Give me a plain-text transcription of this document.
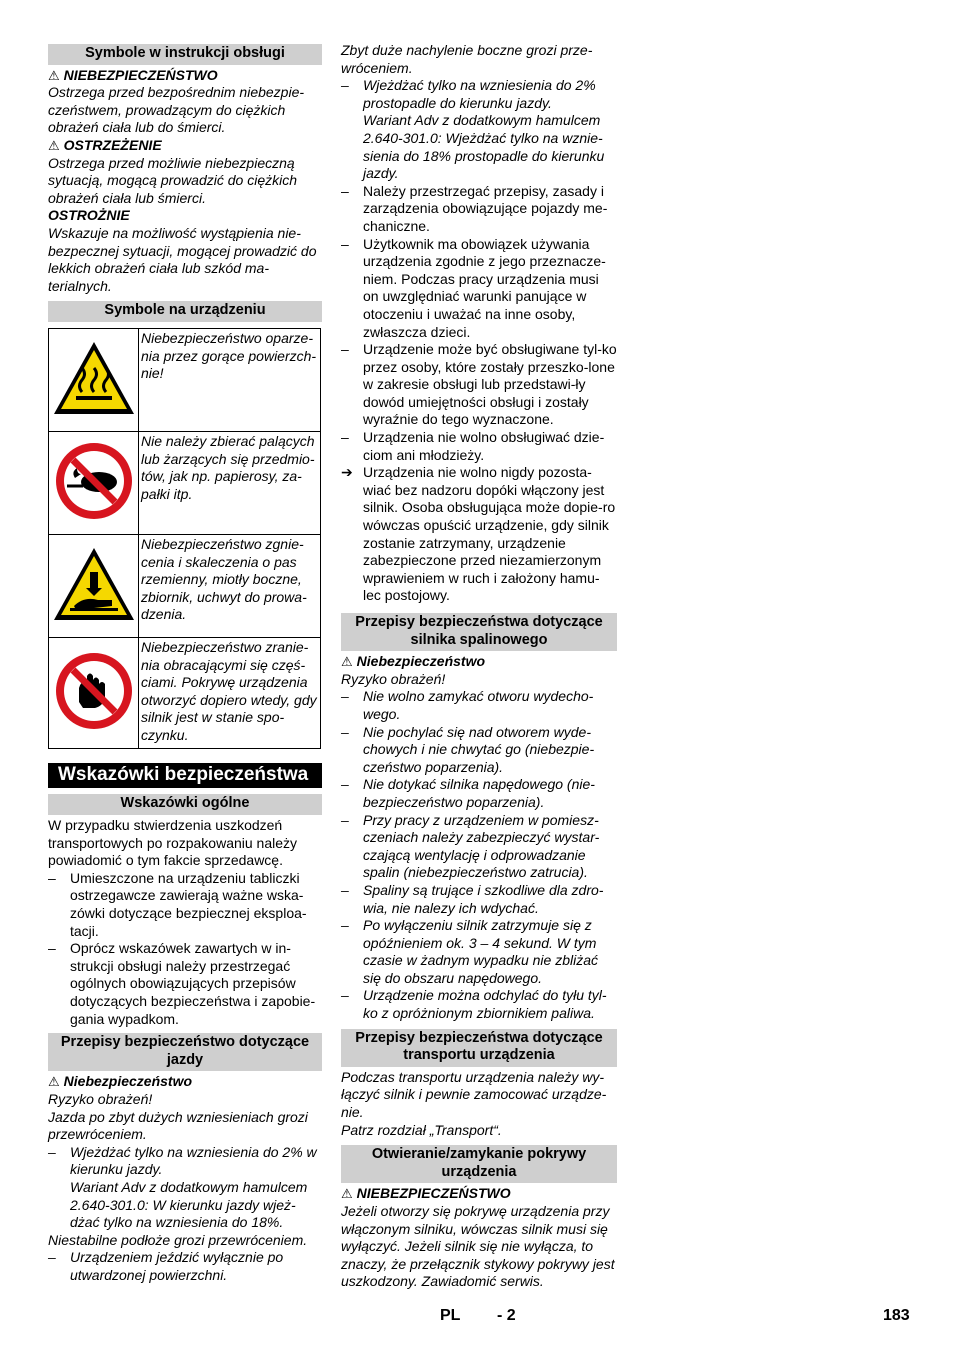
Symbole w instrukcji obsługi

⚠ NIEBEZPIECZEŃSTWO

Ostrzega przed bezpośrednim niebezpie-czeństwem, prowadzącym do ciężkich obrażeń ciała lub do śmierci.

⚠ OSTRZEŻENIE

Ostrzega przed możliwie niebezpieczną sytuacją, mogącą prowadzić do ciężkich obrażeń ciała lub śmierci.

OSTROŻNIE

Wskazuje na możliwość wystąpienia nie-bezpecznej sytuacji, mogącej prowadzić do lekkich obrażeń ciała lub szkód ma-terialnych.

Symbole na urządzeniu
	Niebezpieczeństwo oparze-nia przez gorące powierzch-nie!
	Nie należy zbierać palących lub żarzących się przedmio-tów, jak np. papierosy, za-pałki itp.
	Niebezpieczeństwo zgnie-cenia i skaleczenia o pas rzemienny, miotły boczne, zbiornik, uchwyt do prowa-dzenia.
	Niebezpieczeństwo zranie-nia obracającymi się częś-ciami. Pokrywę urządzenia otworzyć dopiero wtedy, gdy silnik jest w stanie spo-czynku.
Wskazówki bezpieczeństwa
Wskazówki ogólne

W przypadku stwierdzenia uszkodzeń transportowych po rozpakowaniu należy powiadomić o tym fakcie sprzedawcę.

– Umieszczone na urządzeniu tabliczki ostrzegawcze zawierają ważne wska-zówki dotyczące bezpiecznej eksploa-tacji.
– Oprócz wskazówek zawartych w in-strukcji obsługi należy przestrzegać ogólnych obowiązujących przepisów dotyczących bezpieczeństwa i zapobie-gania wypadkom.
Przepisy bezpieczeństwo dotyczące jazdy

⚠ Niebezpieczeństwo

Ryzyko obrażeń!

Jazda po zbyt dużych wzniesieniach grozi przewróceniem.

– Wjeżdżać tylko na wzniesienia do 2% w kierunku jazdy.
Wariant Adv z dodatkowym hamulcem 2.640-301.0: W kierunku jazdy wjeż-dżać tylko na wzniesienia do 18%.

Niestabilne podłoże grozi przewróceniem.

– Urządzeniem jeździć wyłącznie po utwardzonej powierzchni.

Zbyt duże nachylenie boczne grozi prze-wróceniem.

– Wjeżdżać tylko na wzniesienia do 2% prostopadle do kierunku jazdy.
Wariant Adv z dodatkowym hamulcem 2.640-301.0: Wjeżdżać tylko na wznie-sienia do 18% prostopadle do kierunku jazdy.
– Należy przestrzegać przepisy, zasady i zarządzenia obowiązujące pojazdy me-chaniczne.
– Użytkownik ma obowiązek używania urządzenia zgodnie z jego przeznacze-niem. Podczas pracy urządzenia musi on uwzględniać warunki panujące w otoczeniu i uważać na inne osoby, zwłaszcza dzieci.
– Urządzenie może być obsługiwane tyl-ko przez osoby, które zostały przeszko-lone w zakresie obsługi lub przedstawi-ły dowód umiejętności obsługi i zostały wyraźnie do tego wyznaczone.
– Urządzenia nie wolno obsługiwać dzie-ciom ani młodzieży.
➔ Urządzenia nie wolno nigdy pozosta-wiać bez nadzoru dopóki włączony jest silnik. Osoba obsługująca może dopie-ro wówczas opuścić urządzenie, gdy silnik zostanie zatrzymany, urządzenie zabezpieczone przed niezamierzonym wprawieniem w ruch i założony hamu-lec postojowy.
Przepisy bezpieczeństwa dotyczące silnika spalinowego

⚠ Niebezpieczeństwo

Ryzyko obrażeń!

– Nie wolno zamykać otworu wydecho-wego.
– Nie pochylać się nad otworem wyde-chowych i nie chwytać go (niebezpie-czeństwo poparzenia).
– Nie dotykać silnika napędowego (nie-bezpieczeństwo poparzenia).
– Przy pracy z urządzeniem w pomiesz-czeniach należy zabezpieczyć wystar-czającą wentylację i odprowadzanie spalin (niebezpieczeństwo zatrucia).
– Spaliny są trujące i szkodliwe dla zdro-wia, nie nalezy ich wdychać.
– Po wyłączeniu silnik zatrzymuje się z opóźnieniem ok. 3 – 4 sekund. W tym czasie w żadnym wypadku nie zbliżać się do obszaru napędowego.
– Urządzenie można odchylać do tyłu tyl-ko z opróżnionym zbiornikiem paliwa.
Przepisy bezpieczeństwa dotyczące transportu urządzenia

Podczas transportu urządzenia należy wy-łączyć silnik i pewnie zamocować urządze-nie.

Patrz rozdział „Transport“.

Otwieranie/zamykanie pokrywy urządzenia

⚠ NIEBEZPIECZEŃSTWO

Jeżeli otworzy się pokrywę urządzenia przy włączonym silniku, wówczas silnik musi się wyłączyć. Jeżeli silnik się nie wyłącza, to znaczy, że przełącznik stykowy pokrywy jest uszkodzony. Zawiadomić serwis.

PL - 2	183
